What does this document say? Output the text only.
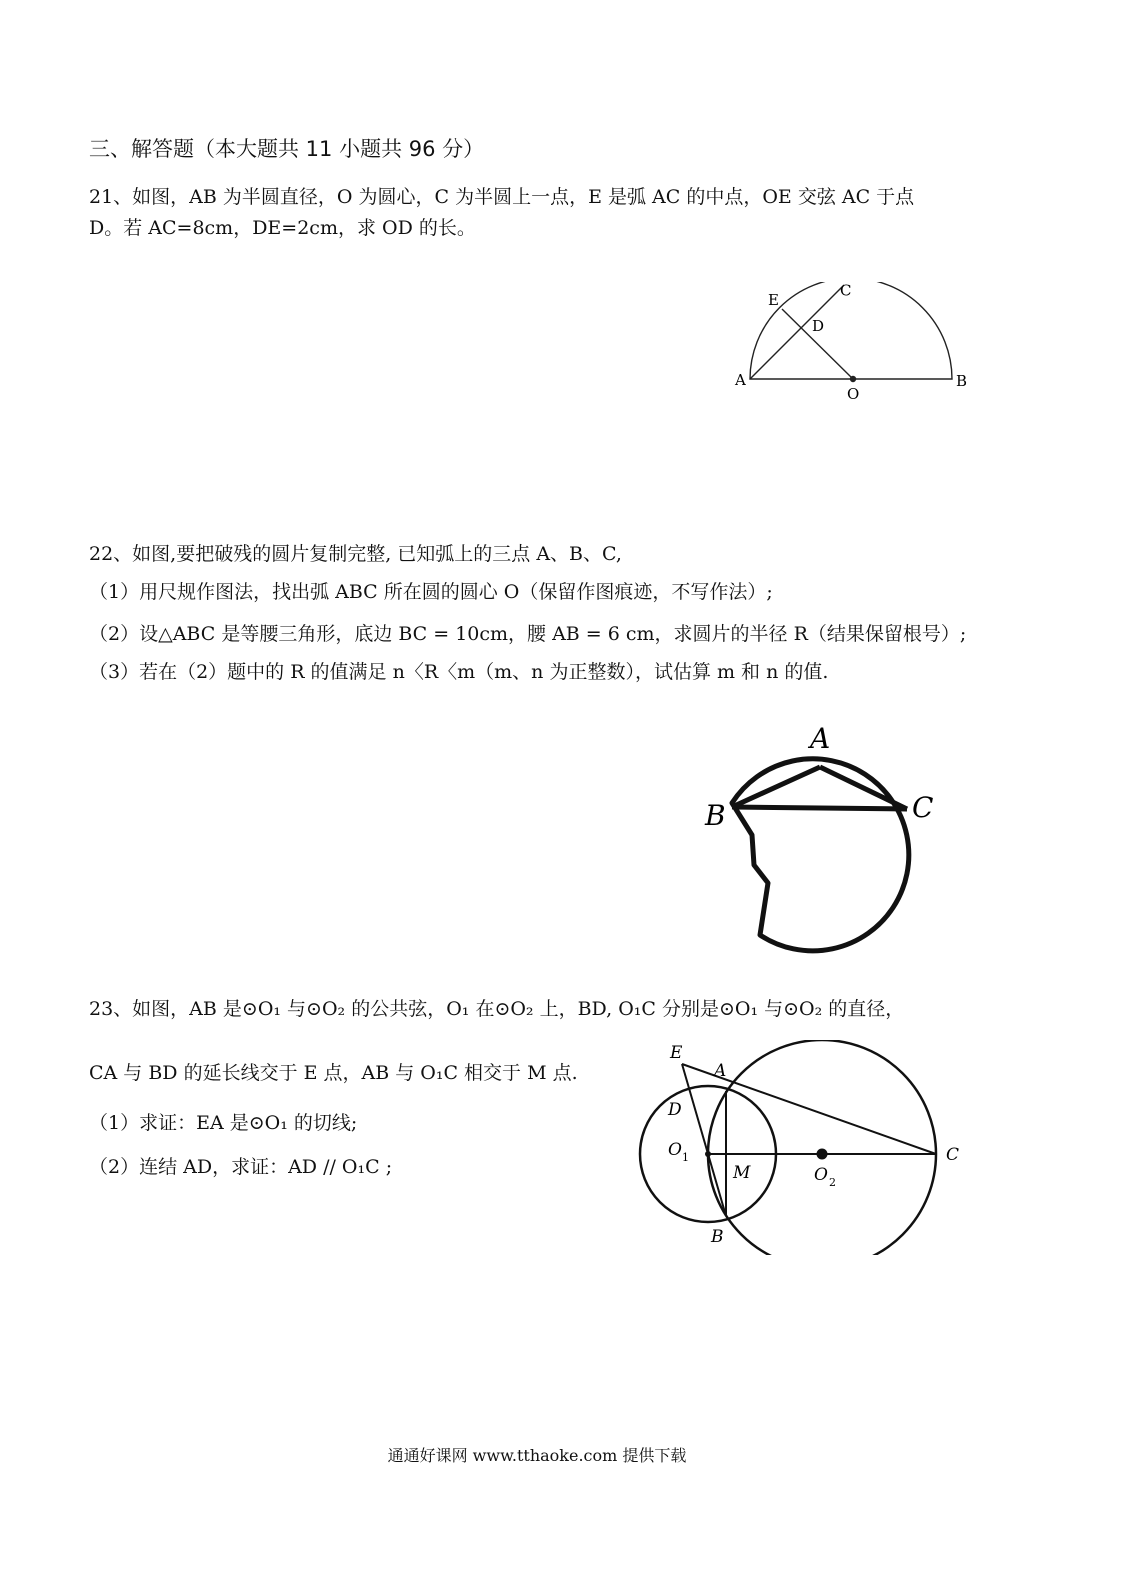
三、解答题（本大题共 11 小题共 96 分）
21、如图，AB 为半圆直径，O 为圆心，C 为半圆上一点，E 是弧 AC 的中点，OE 交弦 AC 于点
D。若 AC=8cm，DE=2cm，求 OD 的长。
A	B
C
D
E
O
22、如图,要把破残的圆片复制完整, 已知弧上的三点 A、B、C,
（1）用尺规作图法，找出弧 ABC 所在圆的圆心 O（保留作图痕迹，不写作法）;
（2）设△ABC 是等腰三角形，底边 BC = 10cm，腰 AB = 6 cm，求圆片的半径 R（结果保留根号）;
（3）若在（2）题中的 R 的值满足 n〈R〈m（m、n 为正整数），试估算 m 和 n 的值.
A
B	C
23、如图，AB 是⊙O₁ 与⊙O₂ 的公共弦，O₁ 在⊙O₂ 上，BD, O₁C 分别是⊙O₁ 与⊙O₂ 的直径，
CA 与 BD 的延长线交于 E 点，AB 与 O₁C 相交于 M 点.
（1）求证：EA 是⊙O₁ 的切线;
（2）连结 AD，求证：AD // O₁C ;
E
A
D
O 1
M	O 2
C
B
通通好课网 www.tthaoke.com 提供下载
